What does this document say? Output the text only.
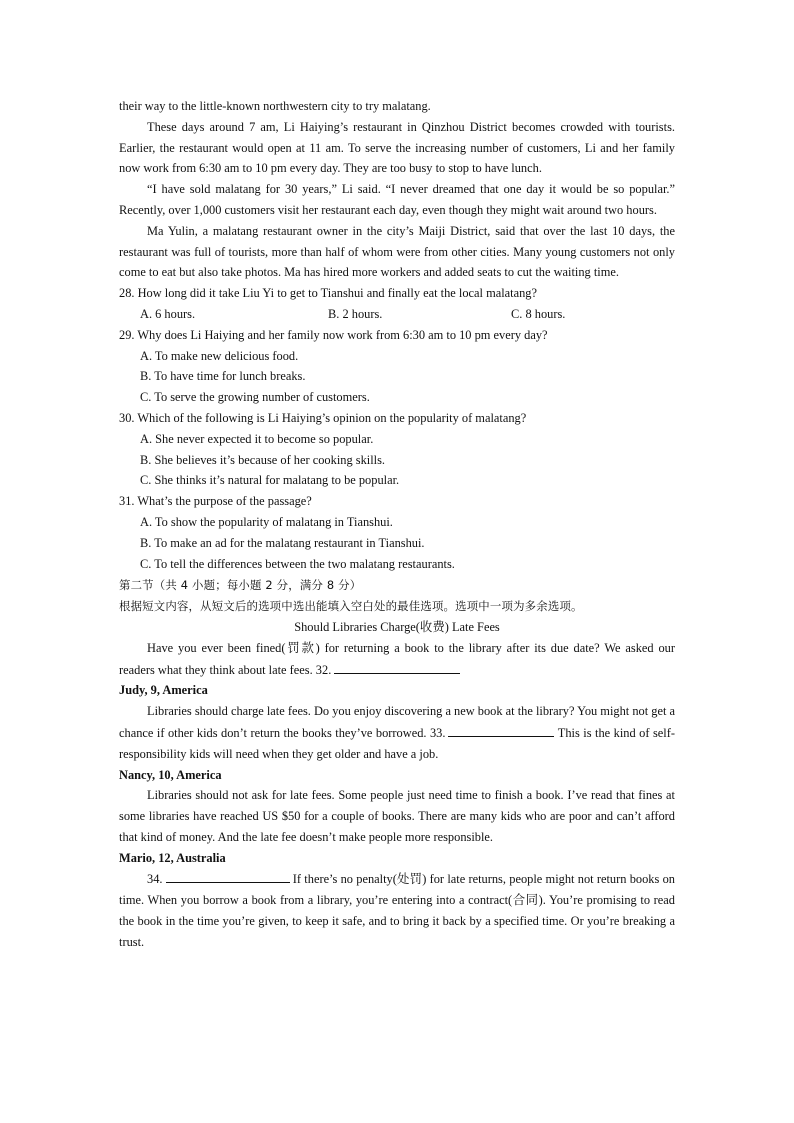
their way to the little-known northwestern city to try malatang.

These days around 7 am, Li Haiying’s restaurant in Qinzhou District becomes crowded with tourists. Earlier, the restaurant would open at 11 am. To serve the increasing number of customers, Li and her family now work from 6:30 am to 10 pm every day. They are too busy to stop to have lunch.

“I have sold malatang for 30 years,” Li said. “I never dreamed that one day it would be so popular.” Recently, over 1,000 customers visit her restaurant each day, even though they might wait around two hours.

Ma Yulin, a malatang restaurant owner in the city’s Maiji District, said that over the last 10 days, the restaurant was full of tourists, more than half of whom were from other cities. Many young customers not only come to eat but also take photos. Ma has hired more workers and added seats to cut the waiting time.

28. How long did it take Liu Yi to get to Tianshui and finally eat the local malatang?

A. 6 hours.	B. 2 hours.	C. 8 hours.

29. Why does Li Haiying and her family now work from 6:30 am to 10 pm every day?

A. To make new delicious food.

B. To have time for lunch breaks.

C. To serve the growing number of customers.

30. Which of the following is Li Haiying’s opinion on the popularity of malatang?

A. She never expected it to become so popular.

B. She believes it’s because of her cooking skills.

C. She thinks it’s natural for malatang to be popular.

31. What’s the purpose of the passage?

A. To show the popularity of malatang in Tianshui.

B. To make an ad for the malatang restaurant in Tianshui.

C. To tell the differences between the two malatang restaurants.

第二节（共 4 小题；每小题 2 分，满分 8 分）

根据短文内容，从短文后的选项中选出能填入空白处的最佳选项。选项中一项为多余选项。

Should Libraries Charge(收费) Late Fees

Have you ever been fined(罚款) for returning a book to the library after its due date? We asked our readers what they think about late fees. 32.

Judy, 9, America

Libraries should charge late fees. Do you enjoy discovering a new book at the library? You might not get a chance if other kids don’t return the books they’ve borrowed. 33.	This is the kind of self-responsibility kids will need when they get older and have a job.

Nancy, 10, America

Libraries should not ask for late fees. Some people just need time to finish a book. I’ve read that fines at some libraries have reached US $50 for a couple of books. There are many kids who are poor and can’t afford that kind of money. And the late fee doesn’t make people more responsible.

Mario, 12, Australia

34.	If there’s no penalty(处罚) for late returns, people might not return books on time. When you borrow a book from a library, you’re entering into a contract(合同). You’re promising to read the book in the time you’re given, to keep it safe, and to bring it back by a specified time. Or you’re breaking a trust.
